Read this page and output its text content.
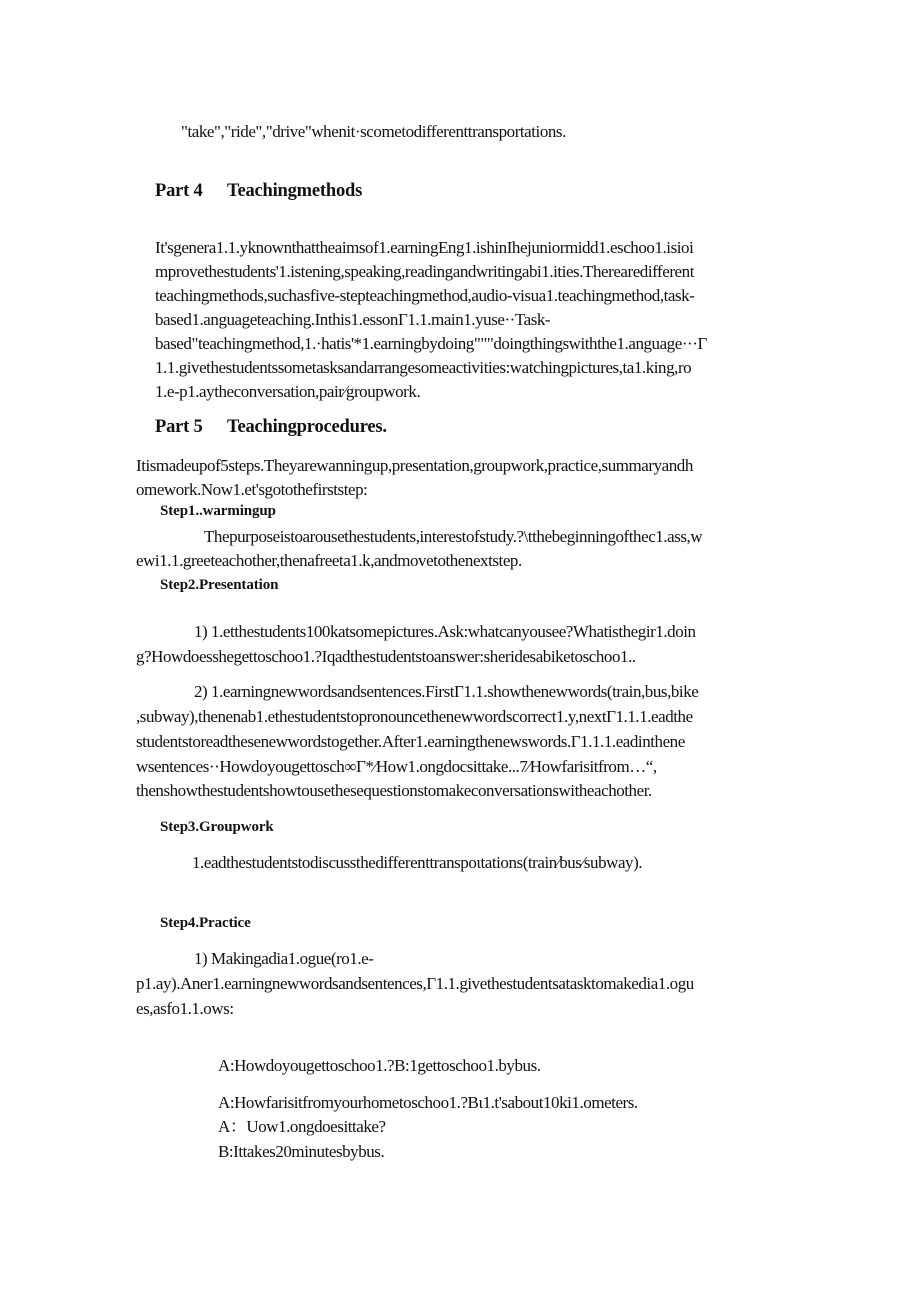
"take","ride","drive"whenit·scometodifferenttransportations.
Part 4 Teachingmethods
It'sgenera1.1.yknownthattheaimsof1.earningEng1.ishinIhejuniormidd1.eschoo1.isioi
mprovethestudents'1.istening,speaking,readingandwritingabi1.ities.Therearedifferent
teachingmethods,suchasfive-stepteachingmethod,audio-visua1.teachingmethod,task-
based1.anguageteaching.Inthis1.essonΓ1.1.main1.yuse··Task-
based"teachingmethod,1.·hatis'*1.earningbydoing"""doingthingswiththe1.anguage···Γ
1.1.givethestudentssometasksandarrangesomeactivities:watchingpictures,ta1.king,ro
1.e-p1.aytheconversation,pair∕groupwork.
Part 5 Teachingprocedures.
Itismadeupof5steps.Theyarewanningup,presentation,groupwork,practice,summaryandh
omework.Now1.et'sgotothefirststep:
Step1..warmingup
Thepurposeistoarousethestudents,interestofstudy.?\tthebeginningofthec1.ass,w
ewi1.1.greeteachother,thenafreeta1.k,andmovetothenextstep.
Step2.Presentation
1) 1.etthestudents100katsomepictures.Ask:whatcanyousee?Whatisthegir1.doin
g?Howdoesshegettoschoo1.?Iqadthestudentstoanswer:sheridesabiketoschoo1..
2) 1.earningnewwordsandsentences.FirstΓ1.1.showthenewwords(train,bus,bike
,subway),thenenab1.ethestudentstopronouncethenewwordscorrect1.y,nextΓ1.1.1.eadthe
studentstoreadthesenewwordstogether.After1.earningthenewswords.Γ1.1.1.eadinthene
wsentences··Howdoyougettosch∞Γ*∕How1.ongdocsittake...7∕Howfarisitfrom…“,
thenshowthestudentshowtousethesequestionstomakeconversationswitheachother.
Step3.Groupwork
1.eadthestudentstodiscussthedifferenttranspoιtations(train∕bus∕subway).
Step4.Practice
1) Makingadia1.ogue(ro1.e-
p1.ay).Aner1.earningnewwordsandsentences,Γ1.1.givethestudentsatasktomakedia1.ogu
es,asfo1.1.ows:
A:Howdoyougettoschoo1.?B:1gettoschoo1.bybus.
A:Howfarisitfromyourhometoschoo1.?Bι1.t'sabout10ki1.ometers.
A：Uow1.ongdoesittake?
B:Ittakes20minutesbybus.
